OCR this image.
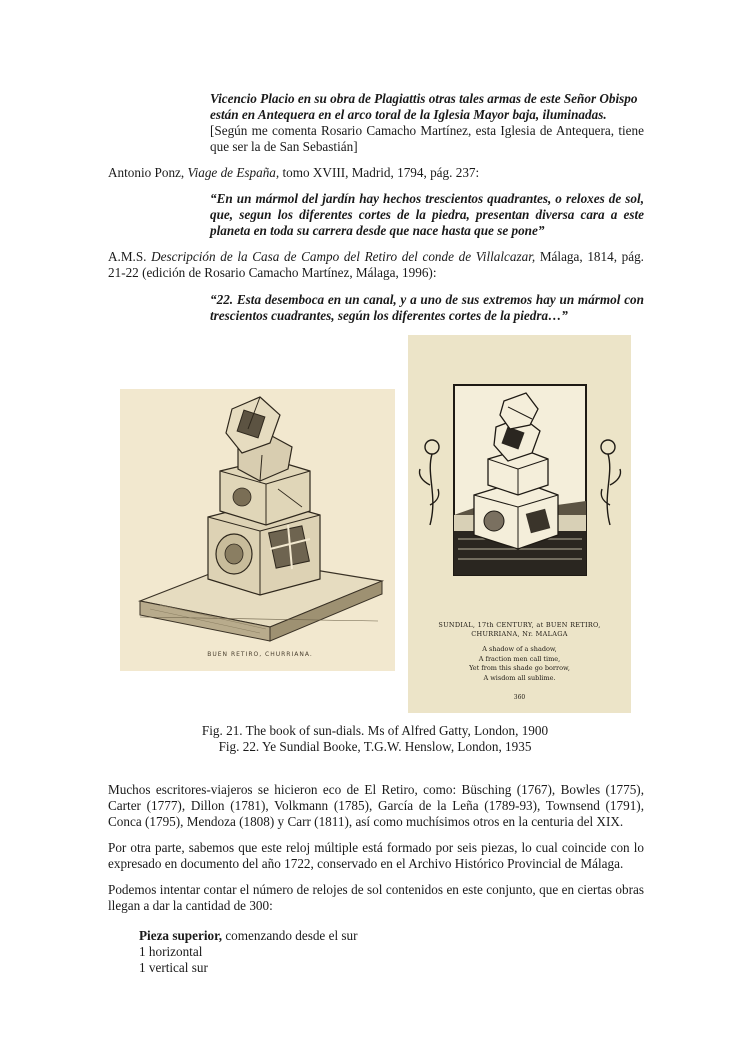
Vicencio Placio en su obra de Plagiattis otras tales armas de este Señor Obispo

están en Antequera en el arco toral de la Iglesia Mayor baja, iluminadas.

[Según me comenta Rosario Camacho Martínez, esta Iglesia de Antequera, tiene que ser la de San Sebastián]

Antonio Ponz, Viage de España, tomo XVIII, Madrid, 1794, pág. 237:

“En un mármol del jardín hay hechos trescientos quadrantes, o reloxes de sol, que, segun los diferentes cortes de la piedra, presentan diversa cara a este planeta en toda su carrera desde que nace hasta que se pone”

A.M.S. Descripción de la Casa de Campo del Retiro del conde de Villalcazar, Málaga, 1814, pág. 21-22 (edición de Rosario Camacho Martínez, Málaga, 1996):

“22. Esta desemboca en un canal, y a uno de sus extremos hay un mármol con trescientos cuadrantes, según los diferentes cortes de la piedra…”

BUEN RETIRO, CHURRIANA.
SUNDIAL, 17th CENTURY, at BUEN RETIRO,
CHURRIANA, Nr. MALAGA
A shadow of a shadow,
A fraction men call time,
Yet from this shade go borrow,
A wisdom all sublime.
360

Fig. 21. The book of sun-dials. Ms of Alfred Gatty, London, 1900

Fig. 22. Ye Sundial Booke, T.G.W. Henslow, London, 1935

Muchos escritores-viajeros se hicieron eco de El Retiro, como: Büsching (1767), Bowles (1775), Carter (1777), Dillon (1781), Volkmann (1785), García de la Leña (1789-93), Townsend (1791), Conca (1795), Mendoza (1808) y Carr (1811), así como muchísimos otros en la centuria del XIX.

Por otra parte, sabemos que este reloj múltiple está formado por seis piezas, lo cual coincide con lo expresado en documento del año 1722, conservado en el Archivo Histórico Provincial de Málaga.

Podemos intentar contar el número de relojes de sol contenidos en este conjunto, que en ciertas obras llegan a dar la cantidad de 300:

Pieza superior, comenzando desde el sur

1 horizontal

1 vertical sur
